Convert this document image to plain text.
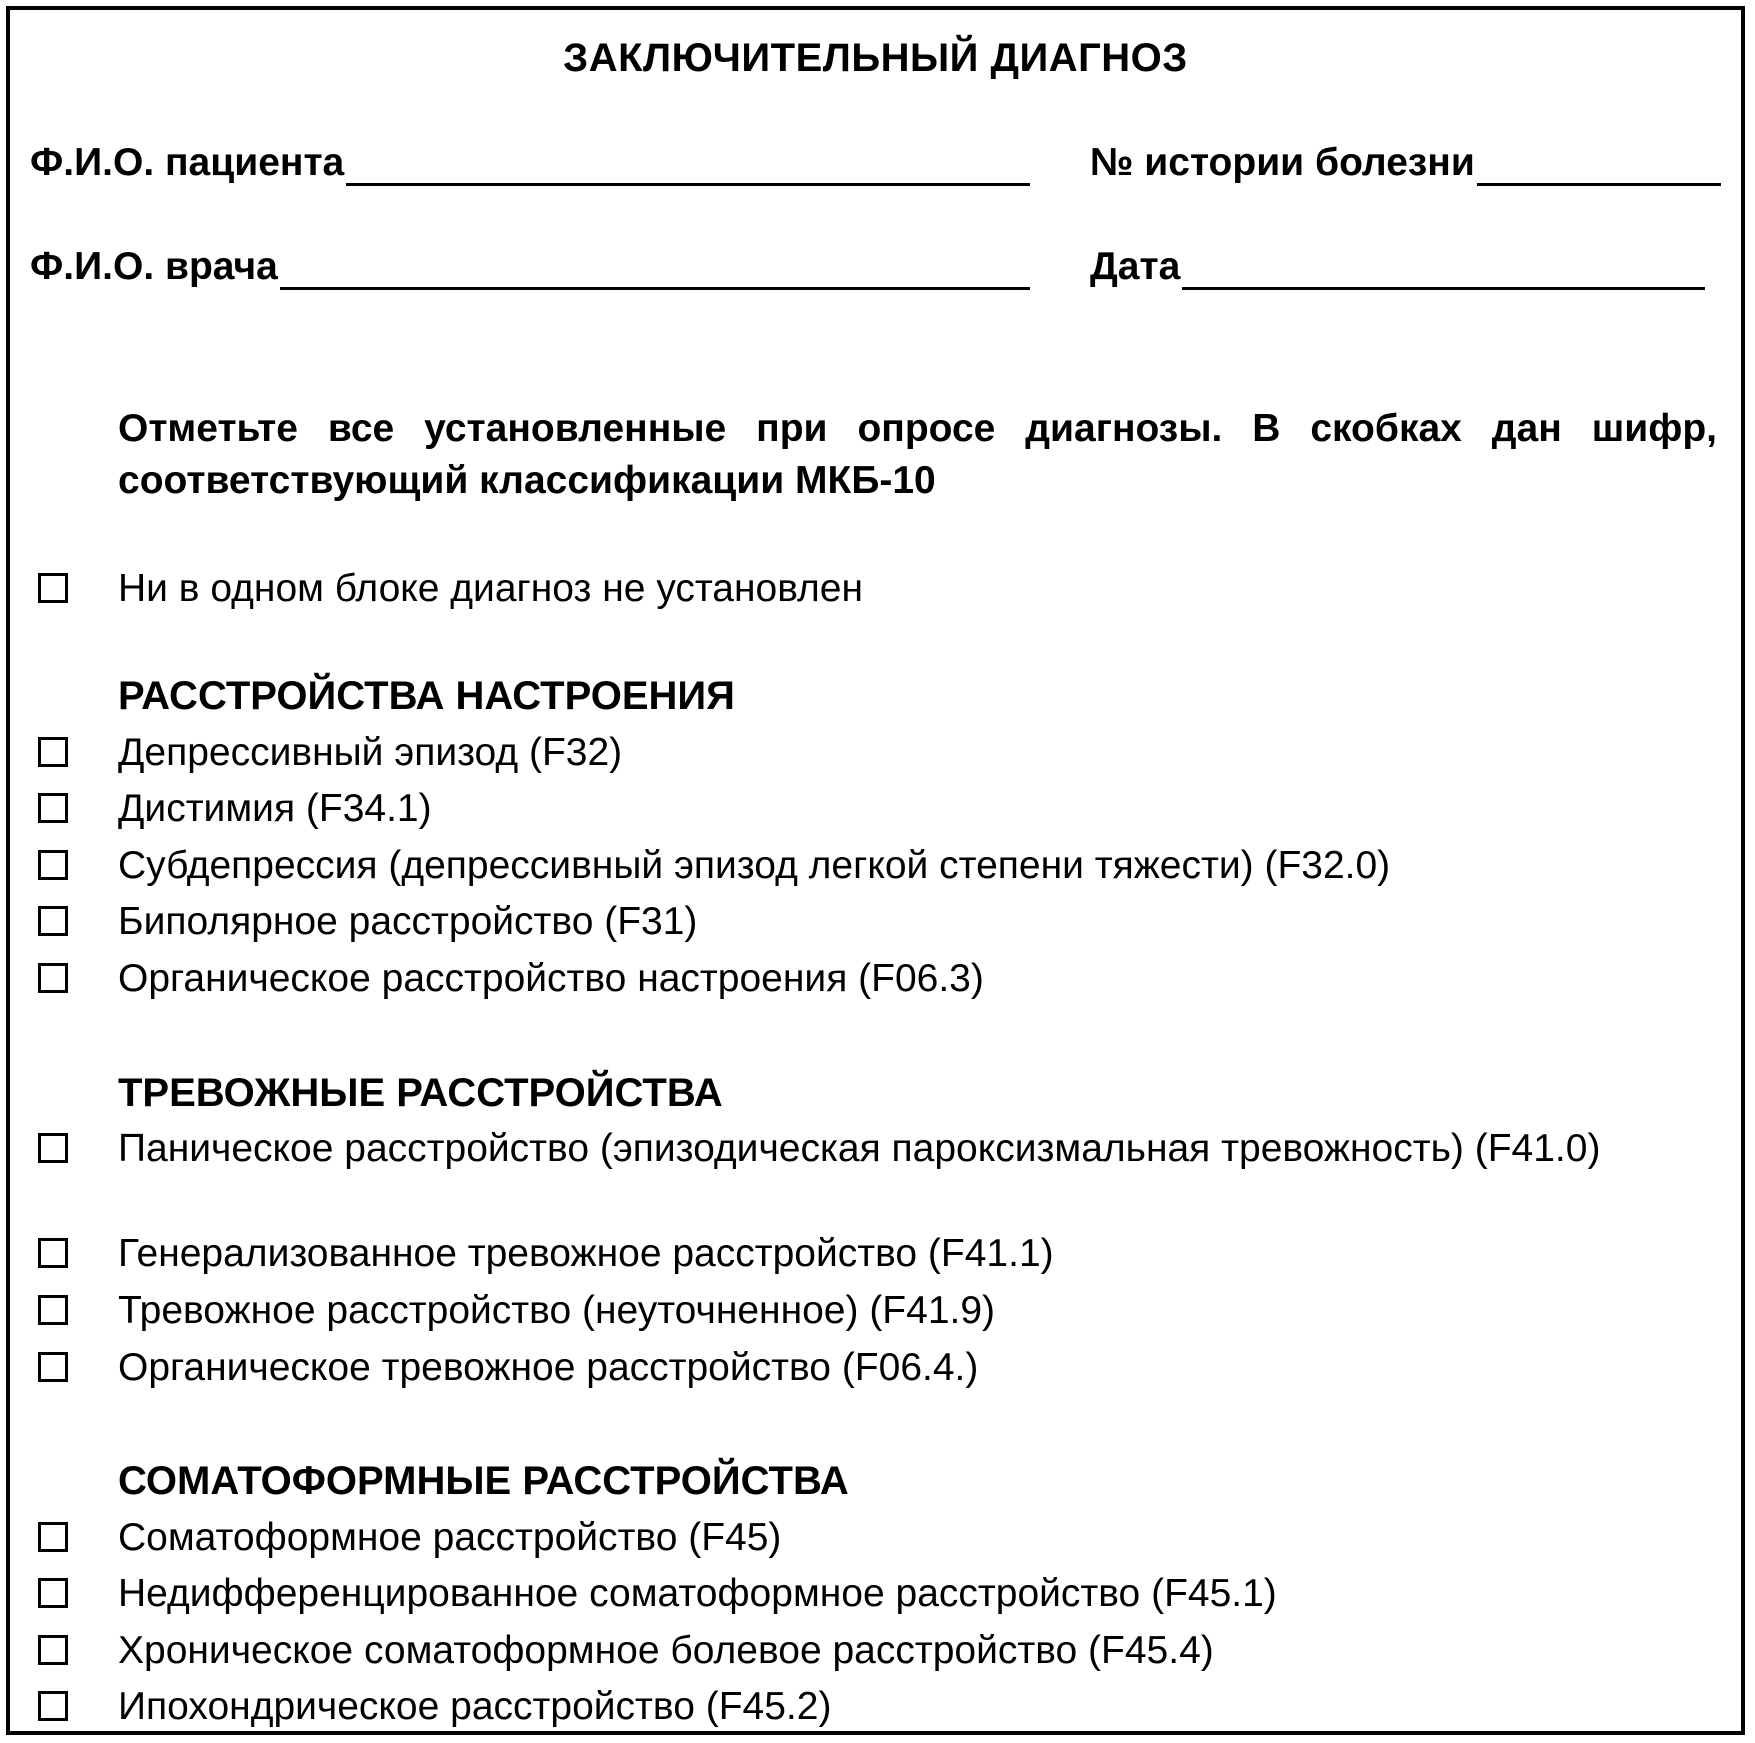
ЗАКЛЮЧИТЕЛЬНЫЙ ДИАГНОЗ
Ф.И.О. пациента	№ истории болезни
Ф.И.О. врача	Дата
Отметьте все установленные при опросе диагнозы. В скобках дан шифр, соответствующий классификации МКБ-10
Ни в одном блоке диагноз не установлен
РАССТРОЙСТВА НАСТРОЕНИЯ
Депрессивный эпизод (F32)
Дистимия (F34.1)
Субдепрессия (депрессивный эпизод легкой степени тяжести) (F32.0)
Биполярное расстройство (F31)
Органическое расстройство настроения (F06.3)
ТРЕВОЖНЫЕ РАССТРОЙСТВА
Паническое расстройство (эпизодическая пароксизмальная тревожность) (F41.0)
Генерализованное тревожное расстройство (F41.1)
Тревожное расстройство (неуточненное) (F41.9)
Органическое тревожное расстройство (F06.4.)
СОМАТОФОРМНЫЕ РАССТРОЙСТВА
Соматоформное расстройство (F45)
Недифференцированное соматоформное расстройство (F45.1)
Хроническое соматоформное болевое расстройство (F45.4)
Ипохондрическое расстройство (F45.2)
